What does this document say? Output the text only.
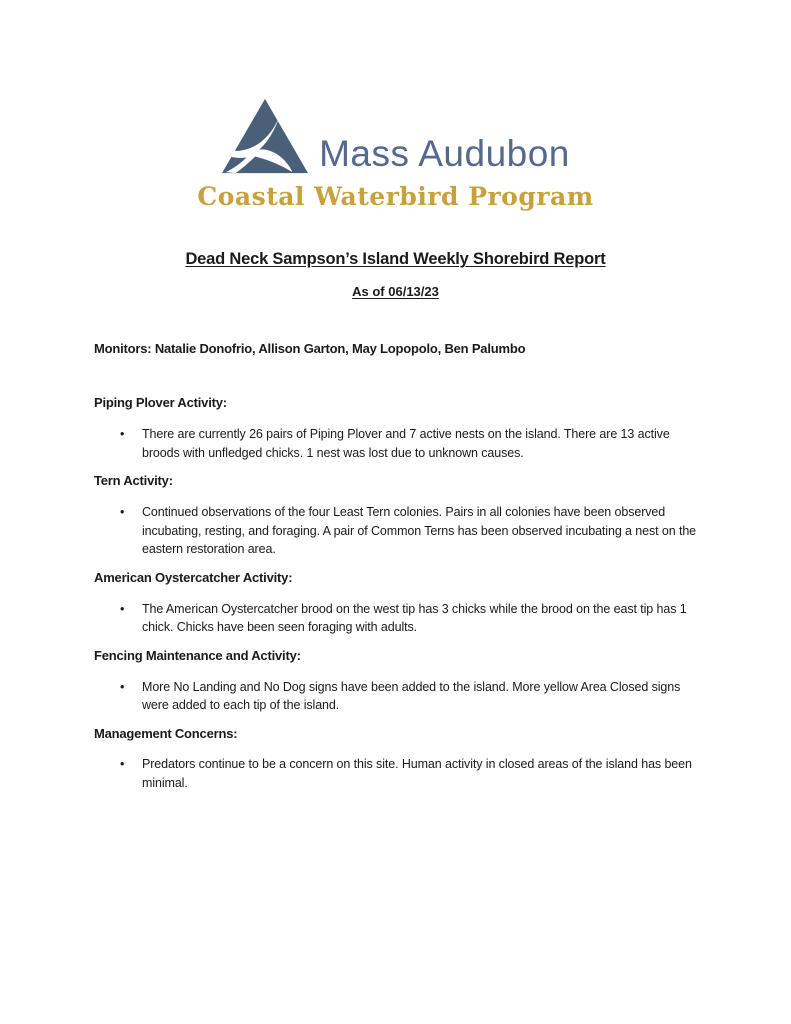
Mass Audubon
Coastal Waterbird Program
Dead Neck Sampson’s Island Weekly Shorebird Report
As of 06/13/23

Monitors: Natalie Donofrio, Allison Garton, May Lopopolo, Ben Palumbo

Piping Plover Activity:
• There are currently 26 pairs of Piping Plover and 7 active nests on the island. There are 13 active broods with unfledged chicks. 1 nest was lost due to unknown causes.
Tern Activity:
• Continued observations of the four Least Tern colonies. Pairs in all colonies have been observed incubating, resting, and foraging. A pair of Common Terns has been observed incubating a nest on the eastern restoration area.
American Oystercatcher Activity:
• The American Oystercatcher brood on the west tip has 3 chicks while the brood on the east tip has 1 chick. Chicks have been seen foraging with adults.
Fencing Maintenance and Activity:
• More No Landing and No Dog signs have been added to the island. More yellow Area Closed signs were added to each tip of the island.
Management Concerns:
• Predators continue to be a concern on this site. Human activity in closed areas of the island has been minimal.
